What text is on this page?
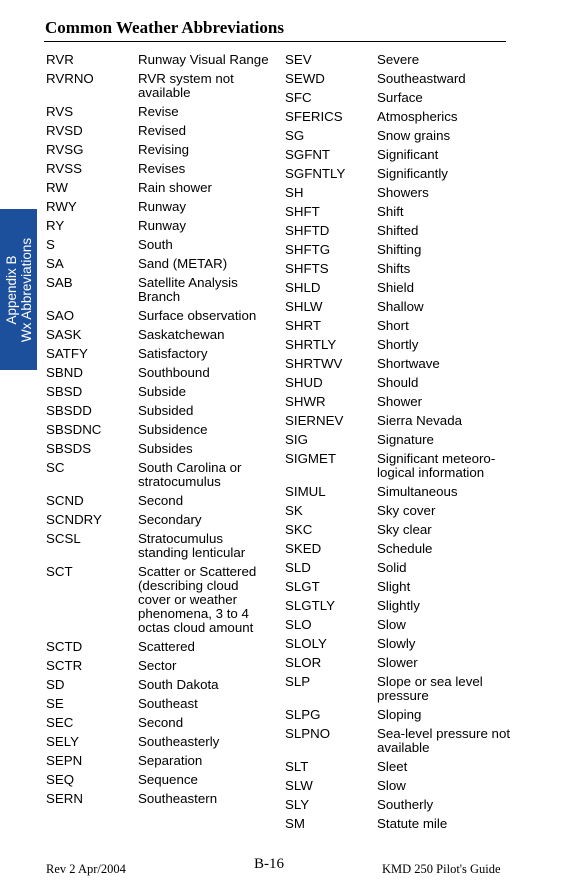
Common Weather Abbreviations
Appendix B Wx Abbreviations
RVR	Runway Visual Range
RVRNO	RVR system not available
RVS	Revise
RVSD	Revised
RVSG	Revising
RVSS	Revises
RW	Rain shower
RWY	Runway
RY	Runway
S	South
SA	Sand (METAR)
SAB	Satellite Analysis Branch
SAO	Surface observation
SASK	Saskatchewan
SATFY	Satisfactory
SBND	Southbound
SBSD	Subside
SBSDD	Subsided
SBSDNC	Subsidence
SBSDS	Subsides
SC	South Carolina or stratocumulus
SCND	Second
SCNDRY	Secondary
SCSL	Stratocumulus standing lenticular
SCT	Scatter or Scattered (describing cloud cover or weather phenomena, 3 to 4 octas cloud amount
SCTD	Scattered
SCTR	Sector
SD	South Dakota
SE	Southeast
SEC	Second
SELY	Southeasterly
SEPN	Separation
SEQ	Sequence
SERN	Southeastern
SEV	Severe
SEWD	Southeastward
SFC	Surface
SFERICS	Atmospherics
SG	Snow grains
SGFNT	Significant
SGFNTLY	Significantly
SH	Showers
SHFT	Shift
SHFTD	Shifted
SHFTG	Shifting
SHFTS	Shifts
SHLD	Shield
SHLW	Shallow
SHRT	Short
SHRTLY	Shortly
SHRTWV	Shortwave
SHUD	Should
SHWR	Shower
SIERNEV	Sierra Nevada
SIG	Signature
SIGMET	Significant meteoro-logical information
SIMUL	Simultaneous
SK	Sky cover
SKC	Sky clear
SKED	Schedule
SLD	Solid
SLGT	Slight
SLGTLY	Slightly
SLO	Slow
SLOLY	Slowly
SLOR	Slower
SLP	Slope or sea level pressure
SLPG	Sloping
SLPNO	Sea-level pressure not available
SLT	Sleet
SLW	Slow
SLY	Southerly
SM	Statute mile
Rev 2 Apr/2004	B-16	KMD 250 Pilot's Guide
